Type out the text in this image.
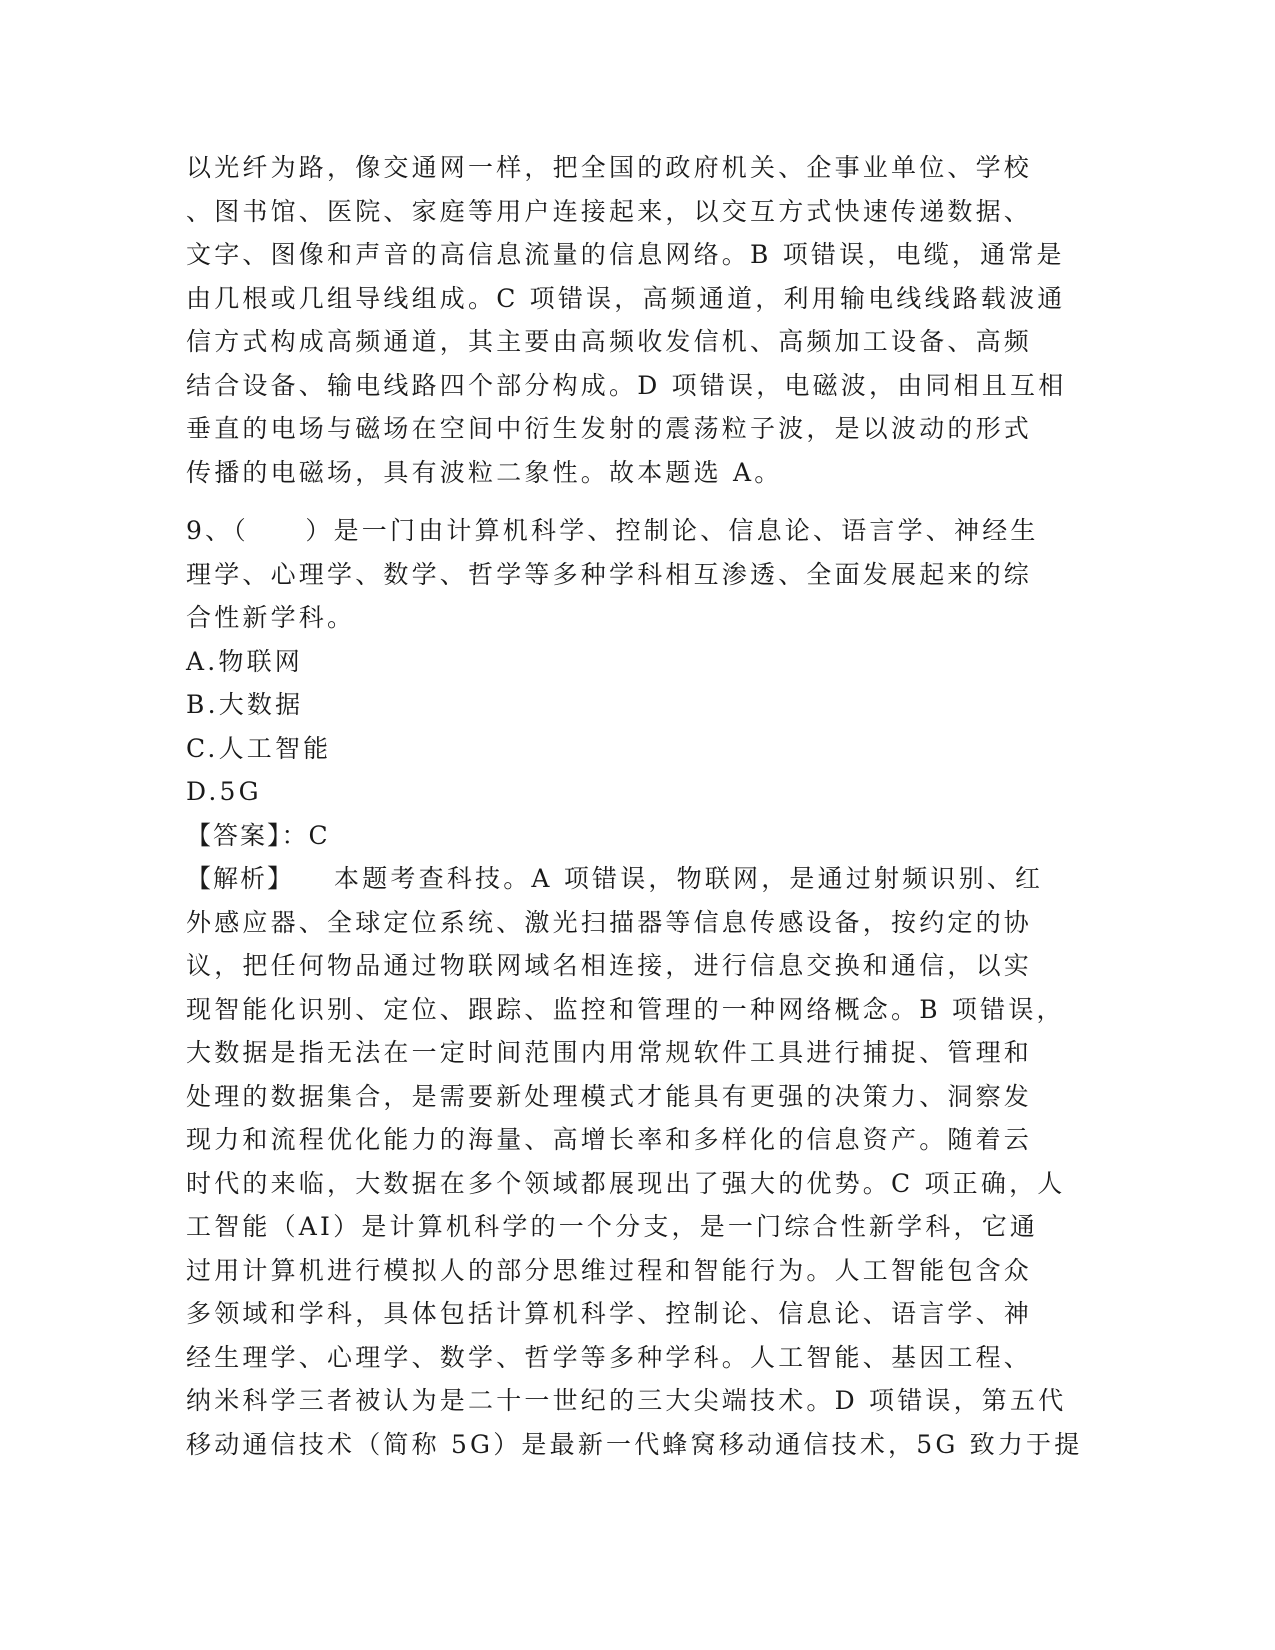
以光纤为路，像交通网一样，把全国的政府机关、企事业单位、学校
、图书馆、医院、家庭等用户连接起来，以交互方式快速传递数据、
文字、图像和声音的高信息流量的信息网络。B 项错误，电缆，通常是
由几根或几组导线组成。C 项错误，高频通道，利用输电线线路载波通
信方式构成高频通道，其主要由高频收发信机、高频加工设备、高频
结合设备、输电线路四个部分构成。D 项错误，电磁波，由同相且互相
垂直的电场与磁场在空间中衍生发射的震荡粒子波，是以波动的形式
传播的电磁场，具有波粒二象性。故本题选 A。
9、（　　）是一门由计算机科学、控制论、信息论、语言学、神经生
理学、心理学、数学、哲学等多种学科相互渗透、全面发展起来的综
合性新学科。
A.物联网
B.大数据
C.人工智能
D.5G
【答案】：C
【解析】 本题考查科技。A 项错误，物联网，是通过射频识别、红
外感应器、全球定位系统、激光扫描器等信息传感设备，按约定的协
议，把任何物品通过物联网域名相连接，进行信息交换和通信，以实
现智能化识别、定位、跟踪、监控和管理的一种网络概念。B 项错误，
大数据是指无法在一定时间范围内用常规软件工具进行捕捉、管理和
处理的数据集合，是需要新处理模式才能具有更强的决策力、洞察发
现力和流程优化能力的海量、高增长率和多样化的信息资产。随着云
时代的来临，大数据在多个领域都展现出了强大的优势。C 项正确，人
工智能（AI）是计算机科学的一个分支，是一门综合性新学科，它通
过用计算机进行模拟人的部分思维过程和智能行为。人工智能包含众
多领域和学科，具体包括计算机科学、控制论、信息论、语言学、神
经生理学、心理学、数学、哲学等多种学科。人工智能、基因工程、
纳米科学三者被认为是二十一世纪的三大尖端技术。D 项错误，第五代
移动通信技术（简称 5G）是最新一代蜂窝移动通信技术，5G 致力于提
